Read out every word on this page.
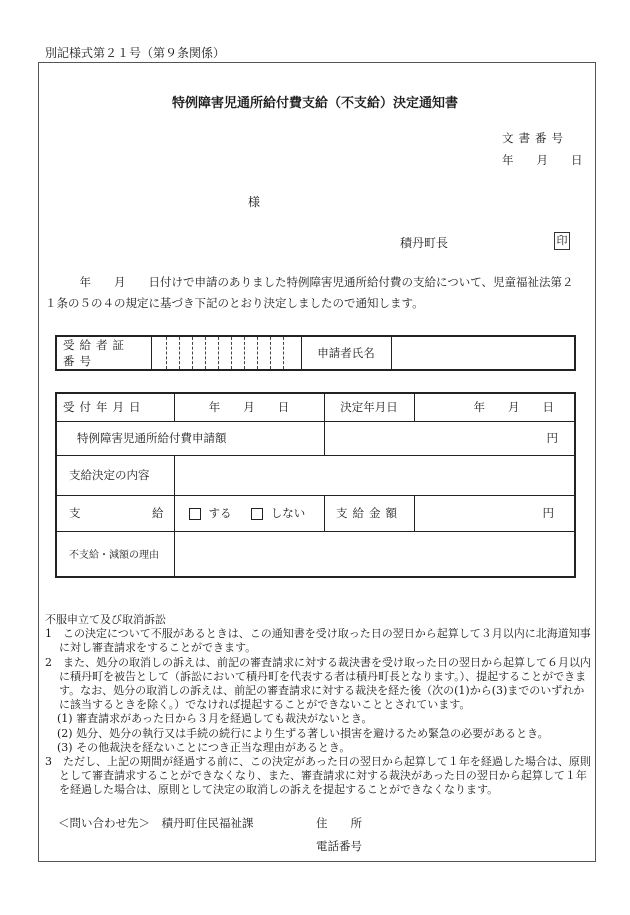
別記様式第２１号（第９条関係）
特例障害児通所給付費支給（不支給）決定通知書
文書番号
年　　月　　日
様
積丹町長	印
　　　年　　月　　日付けで申請のありました特例障害児通所給付費の支給について、児童福祉法第２１条の５の４の規定に基づき下記のとおり決定しましたので通知します。
受給者証番号		申請者氏名	
受付年月日	年　　月　　日	決定年月日	年　　月　　日
特例障害児通所給付費申請額		円	
支給決定の内容			
支 給	する しない	支給金額	円
不支給・減額の理由			

不服申立て及び取消訴訟

1　この決定について不服があるときは、この通知書を受け取った日の翌日から起算して３月以内に北海道知事に対し審査請求をすることができます。

2　また、処分の取消しの訴えは、前記の審査請求に対する裁決書を受け取った日の翌日から起算して６月以内に積丹町を被告として（訴訟において積丹町を代表する者は積丹町長となります。）、提起することができます。なお、処分の取消しの訴えは、前記の審査請求に対する裁決を経た後（次の(1)から(3)までのいずれかに該当するときを除く。）でなければ提起することができないこととされています。

(1) 審査請求があった日から３月を経過しても裁決がないとき。

(2) 処分、処分の執行又は手続の続行により生ずる著しい損害を避けるため緊急の必要があるとき。

(3) その他裁決を経ないことにつき正当な理由があるとき。

3　ただし、上記の期間が経過する前に、この決定があった日の翌日から起算して１年を経過した場合は、原則として審査請求することができなくなり、また、審査請求に対する裁決があった日の翌日から起算して１年を経過した場合は、原則として決定の取消しの訴えを提起することができなくなります。

＜問い合わせ先＞　積丹町住民福祉課	住　　所
電話番号
